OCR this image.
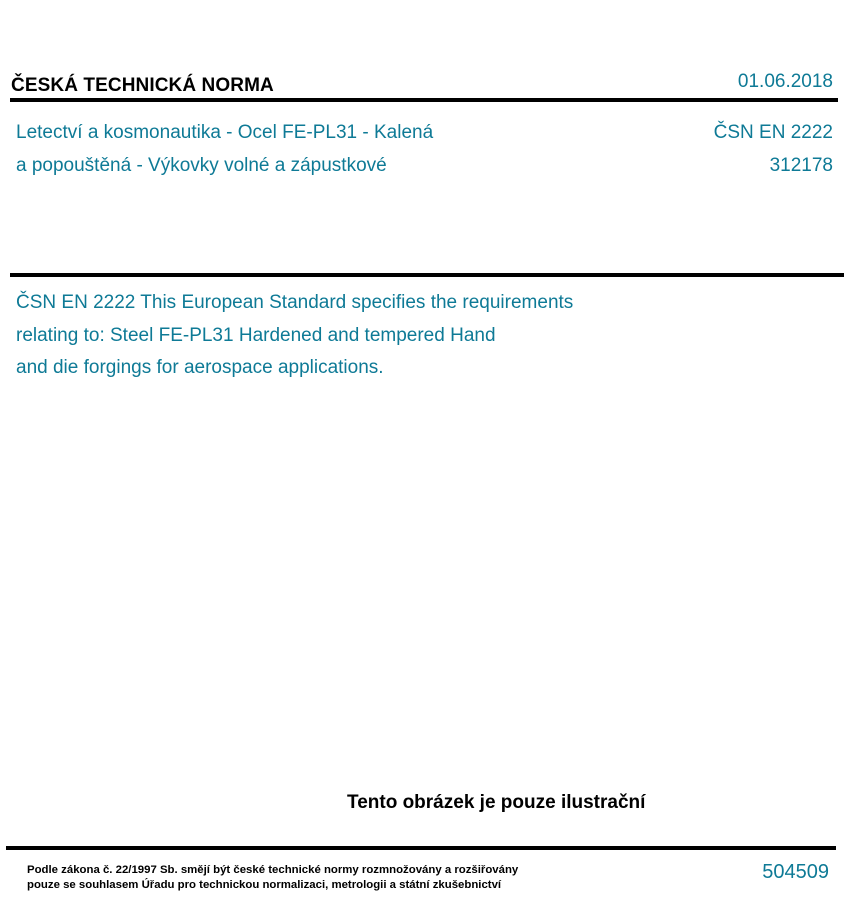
ČESKÁ TECHNICKÁ NORMA	01.06.2018
Letectví a kosmonautika - Ocel FE-PL31 - Kalená
a popouštěná - Výkovky volné a zápustkové
ČSN EN 2222
312178
ČSN EN 2222 This European Standard specifies the requirements
relating to: Steel FE-PL31 Hardened and tempered Hand
and die forgings for aerospace applications.
Tento obrázek je pouze ilustrační
Podle zákona č. 22/1997 Sb. smějí být české technické normy rozmnožovány a rozšiřovány
pouze se souhlasem Úřadu pro technickou normalizaci, metrologii a státní zkušebnictví
504509
